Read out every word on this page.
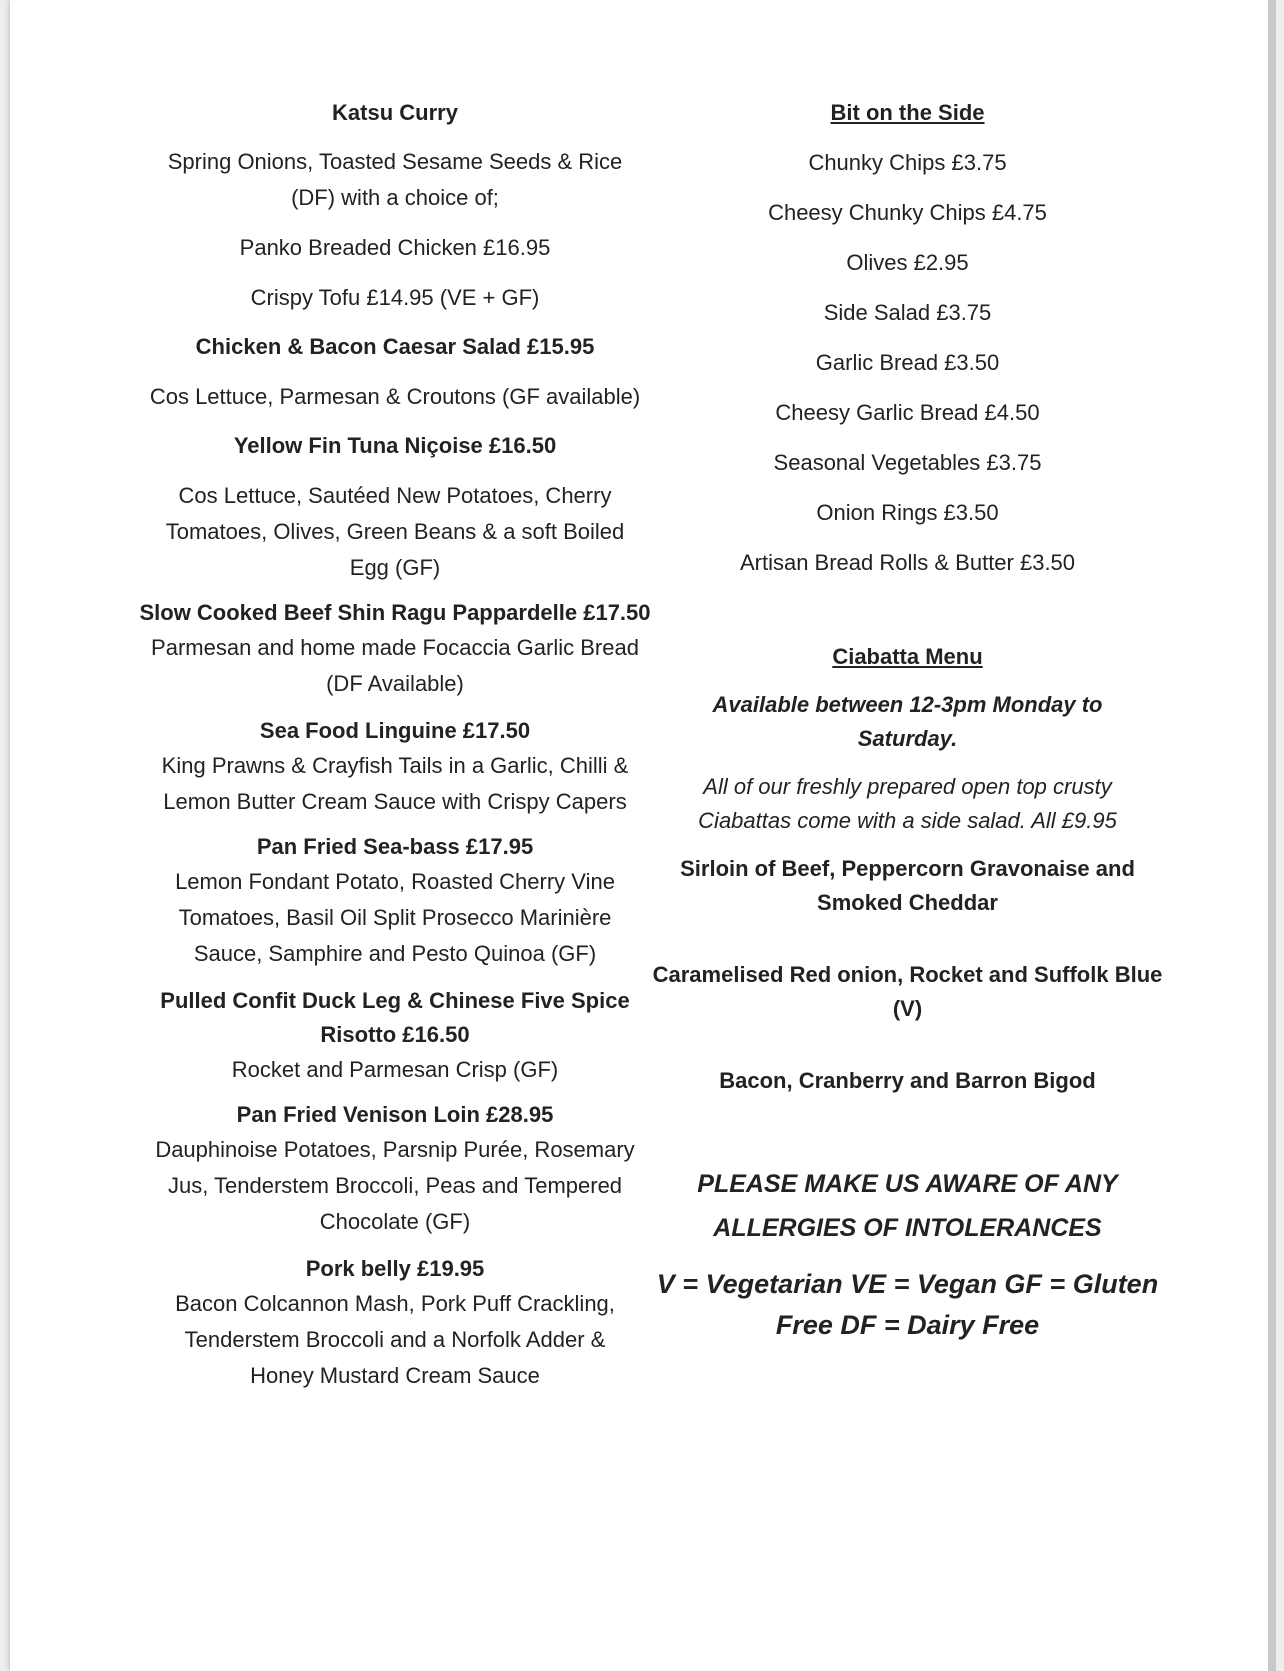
Katsu Curry

Spring Onions, Toasted Sesame Seeds & Rice

(DF) with a choice of;

Panko Breaded Chicken £16.95

Crispy Tofu £14.95 (VE + GF)

Chicken & Bacon Caesar Salad £15.95

Cos Lettuce, Parmesan & Croutons (GF available)

Yellow Fin Tuna Niçoise £16.50

Cos Lettuce, Sautéed New Potatoes, Cherry

Tomatoes, Olives, Green Beans & a soft Boiled

Egg (GF)

Slow Cooked Beef Shin Ragu Pappardelle £17.50

Parmesan and home made Focaccia Garlic Bread

(DF Available)

Sea Food Linguine £17.50

King Prawns & Crayfish Tails in a Garlic, Chilli &

Lemon Butter Cream Sauce with Crispy Capers

Pan Fried Sea-bass £17.95

Lemon Fondant Potato, Roasted Cherry Vine

Tomatoes, Basil Oil Split Prosecco Marinière

Sauce, Samphire and Pesto Quinoa (GF)

Pulled Confit Duck Leg & Chinese Five Spice

Risotto £16.50

Rocket and Parmesan Crisp (GF)

Pan Fried Venison Loin £28.95

Dauphinoise Potatoes, Parsnip Purée, Rosemary

Jus, Tenderstem Broccoli, Peas and Tempered

Chocolate (GF)

Pork belly £19.95

Bacon Colcannon Mash, Pork Puff Crackling,

Tenderstem Broccoli and a Norfolk Adder &

Honey Mustard Cream Sauce

Bit on the Side

Chunky Chips £3.75

Cheesy Chunky Chips £4.75

Olives £2.95

Side Salad £3.75

Garlic Bread £3.50

Cheesy Garlic Bread £4.50

Seasonal Vegetables £3.75

Onion Rings £3.50

Artisan Bread Rolls & Butter £3.50

Ciabatta Menu

Available between 12-3pm Monday to

Saturday.

All of our freshly prepared open top crusty

Ciabattas come with a side salad. All £9.95

Sirloin of Beef, Peppercorn Gravonaise and

Smoked Cheddar

Caramelised Red onion, Rocket and Suffolk Blue

(V)

Bacon, Cranberry and Barron Bigod

PLEASE MAKE US AWARE OF ANY

ALLERGIES OF INTOLERANCES

V = Vegetarian VE = Vegan GF = Gluten

Free DF = Dairy Free
